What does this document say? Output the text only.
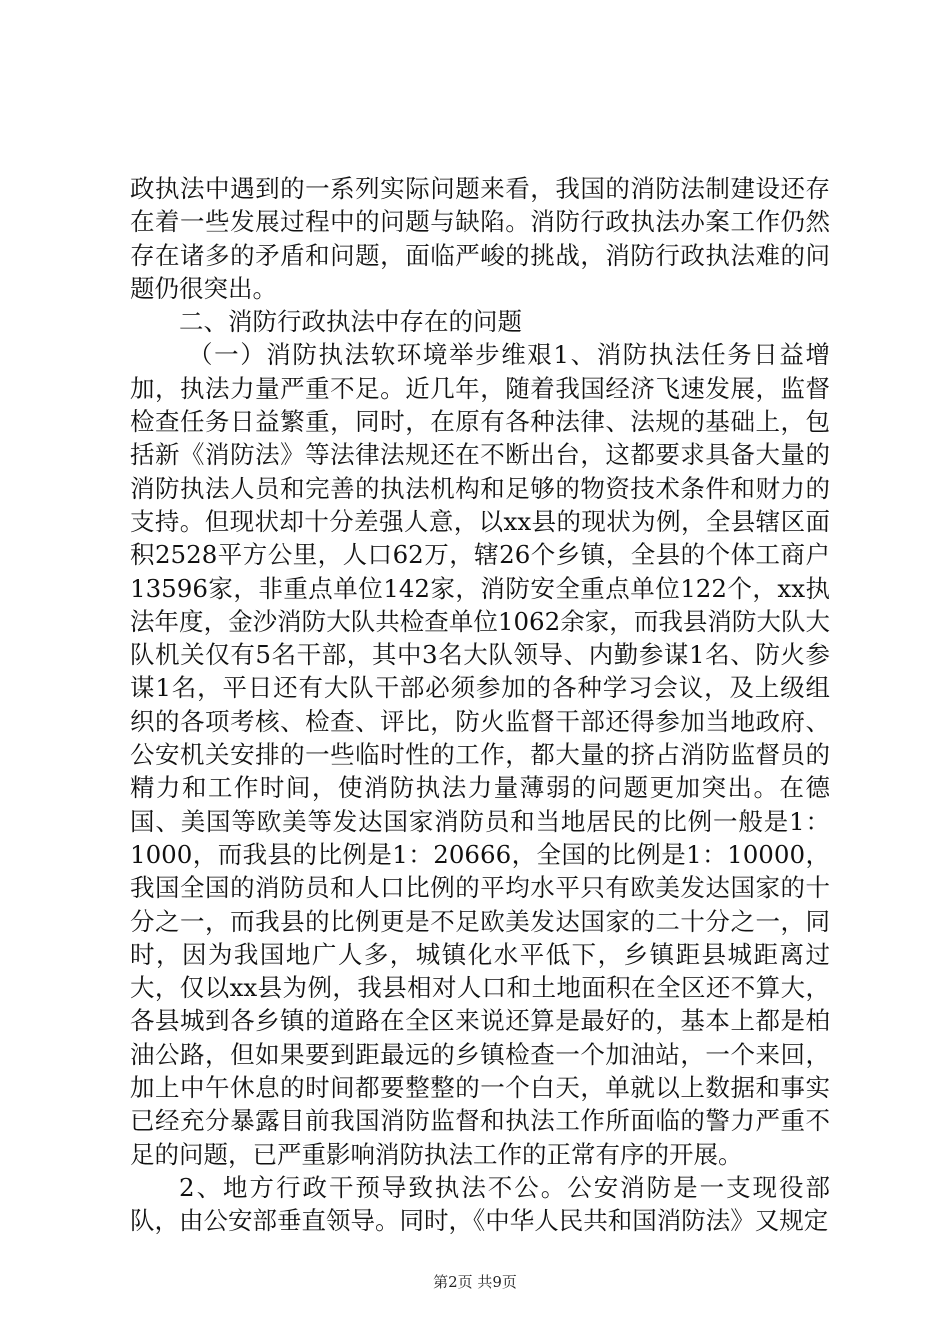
政执法中遇到的一系列实际问题来看，我国的消防法制建设还存在着一些发展过程中的问题与缺陷。消防行政执法办案工作仍然存在诸多的矛盾和问题，面临严峻的挑战，消防行政执法难的问题仍很突出。

二、消防行政执法中存在的问题

（一）消防执法软环境举步维艰1、消防执法任务日益增加，执法力量严重不足。近几年，随着我国经济飞速发展，监督检查任务日益繁重，同时，在原有各种法律、法规的基础上，包括新《消防法》等法律法规还在不断出台，这都要求具备大量的消防执法人员和完善的执法机构和足够的物资技术条件和财力的支持。但现状却十分差强人意，以xx县的现状为例，全县辖区面积2528平方公里，人口62万，辖26个乡镇，全县的个体工商户13596家，非重点单位142家，消防安全重点单位122个，xx执法年度，金沙消防大队共检查单位1062余家，而我县消防大队大队机关仅有5名干部，其中3名大队领导、内勤参谋1名、防火参谋1名，平日还有大队干部必须参加的各种学习会议，及上级组织的各项考核、检查、评比，防火监督干部还得参加当地政府、公安机关安排的一些临时性的工作，都大量的挤占消防监督员的精力和工作时间，使消防执法力量薄弱的问题更加突出。在德国、美国等欧美等发达国家消防员和当地居民的比例一般是1：1000，而我县的比例是1：20666，全国的比例是1：10000，我国全国的消防员和人口比例的平均水平只有欧美发达国家的十分之一，而我县的比例更是不足欧美发达国家的二十分之一，同时，因为我国地广人多，城镇化水平低下，乡镇距县城距离过大，仅以xx县为例，我县相对人口和土地面积在全区还不算大，各县城到各乡镇的道路在全区来说还算是最好的，基本上都是柏油公路，但如果要到距最远的乡镇检查一个加油站，一个来回，加上中午休息的时间都要整整的一个白天，单就以上数据和事实已经充分暴露目前我国消防监督和执法工作所面临的警力严重不足的问题，已严重影响消防执法工作的正常有序的开展。

2、地方行政干预导致执法不公。公安消防是一支现役部队，由公安部垂直领导。同时，《中华人民共和国消防法》又规定

第2页 共9页
